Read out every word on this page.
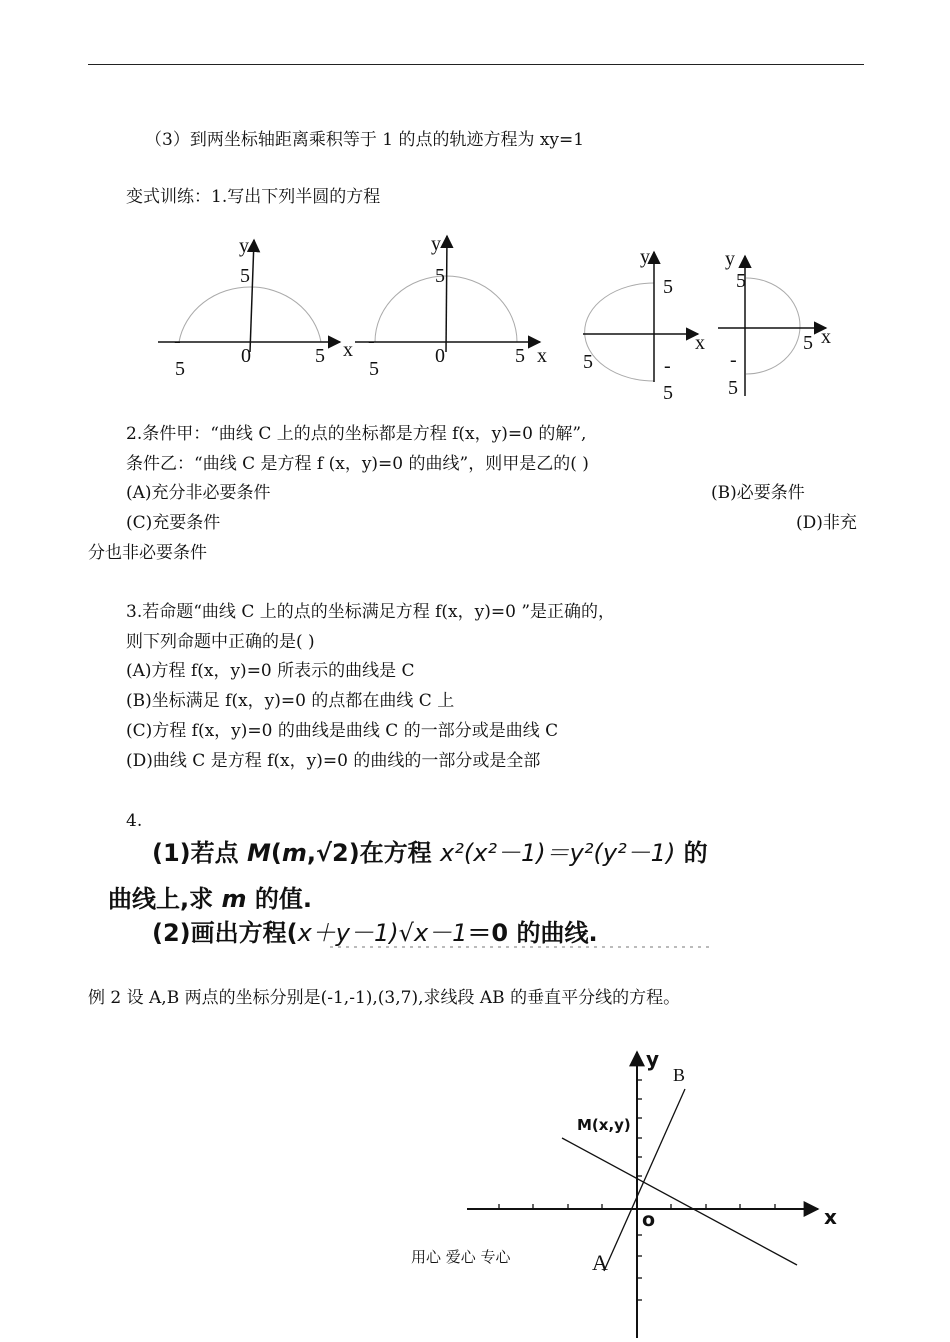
（3）到两坐标轴距离乘积等于 1 的点的轨迹方程为 xy=1
变式训练：1.写出下列半圆的方程
y
5
x
5
0
-
5
y
5
x
5
0
-
5
y
5
x
5	-
5
y
5
x
5
-
5
2.条件甲：“曲线 C 上的点的坐标都是方程 f(x，y)=0 的解”,
条件乙：“曲线 C 是方程 f (x，y)=0 的曲线”，则甲是乙的( )
(A)充分非必要条件	(B)必要条件
(C)充要条件	(D)非充
分也非必要条件
3.若命题“曲线 C 上的点的坐标满足方程 f(x，y)=0 ”是正确的，
则下列命题中正确的是( )
(A)方程 f(x，y)=0 所表示的曲线是 C
(B)坐标满足 f(x，y)=0 的点都在曲线 C 上
(C)方程 f(x，y)=0 的曲线是曲线 C 的一部分或是曲线 C
(D)曲线 C 是方程 f(x，y)=0 的曲线的一部分或是全部
4.
(1)若点 M(m,√2)在方程 x²(x²－1)＝y²(y²－1) 的
曲线上,求 m 的值.
(2)画出方程(x＋y－1)√x－1＝0 的曲线.
例 2 设 A,B 两点的坐标分别是(-1,-1),(3,7),求线段 AB 的垂直平分线的方程。
y
x
o
B
A
M(x,y)
用心 爱心 专心
